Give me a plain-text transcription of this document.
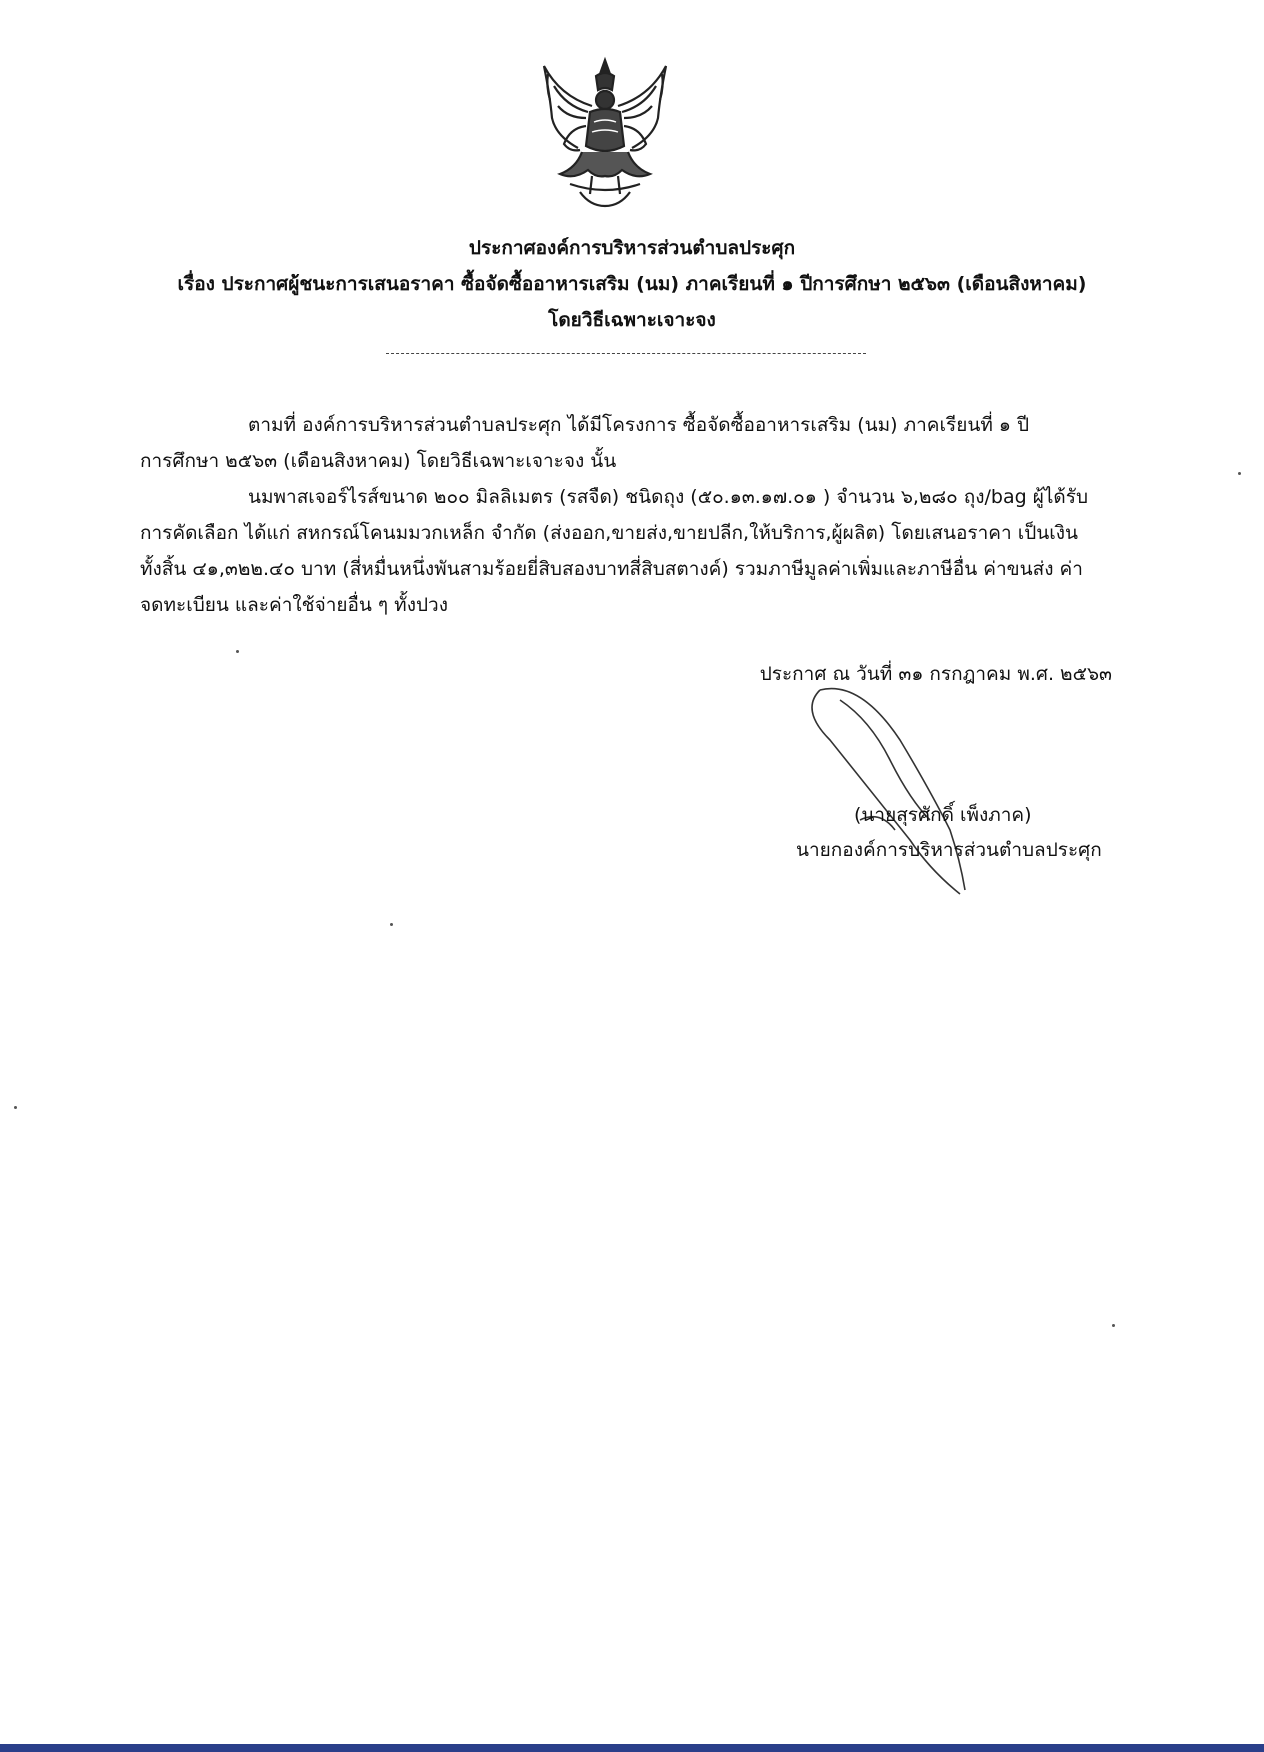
ประกาศองค์การบริหารส่วนตำบลประศุก
เรื่อง ประกาศผู้ชนะการเสนอราคา ซื้อจัดซื้ออาหารเสริม (นม) ภาคเรียนที่ ๑ ปีการศึกษา ๒๕๖๓ (เดือนสิงหาคม)
โดยวิธีเฉพาะเจาะจง
ตามที่ องค์การบริหารส่วนตำบลประศุก ได้มีโครงการ ซื้อจัดซื้ออาหารเสริม (นม) ภาคเรียนที่ ๑ ปี
การศึกษา ๒๕๖๓ (เดือนสิงหาคม) โดยวิธีเฉพาะเจาะจง นั้น
นมพาสเจอร์ไรส์ขนาด ๒๐๐ มิลลิเมตร (รสจืด) ชนิดถุง (๕๐.๑๓.๑๗.๐๑ ) จำนวน ๖,๒๘๐ ถุง/bag ผู้ได้รับ
การคัดเลือก ได้แก่ สหกรณ์โคนมมวกเหล็ก จำกัด (ส่งออก,ขายส่ง,ขายปลีก,ให้บริการ,ผู้ผลิต) โดยเสนอราคา เป็นเงิน
ทั้งสิ้น ๔๑,๓๒๒.๔๐ บาท (สี่หมื่นหนึ่งพันสามร้อยยี่สิบสองบาทสี่สิบสตางค์) รวมภาษีมูลค่าเพิ่มและภาษีอื่น ค่าขนส่ง ค่า
จดทะเบียน และค่าใช้จ่ายอื่น ๆ ทั้งปวง
ประกาศ ณ วันที่ ๓๑ กรกฎาคม พ.ศ. ๒๕๖๓
(นายสุรศักดิ์ เพ็งภาค)
นายกองค์การบริหารส่วนตำบลประศุก
